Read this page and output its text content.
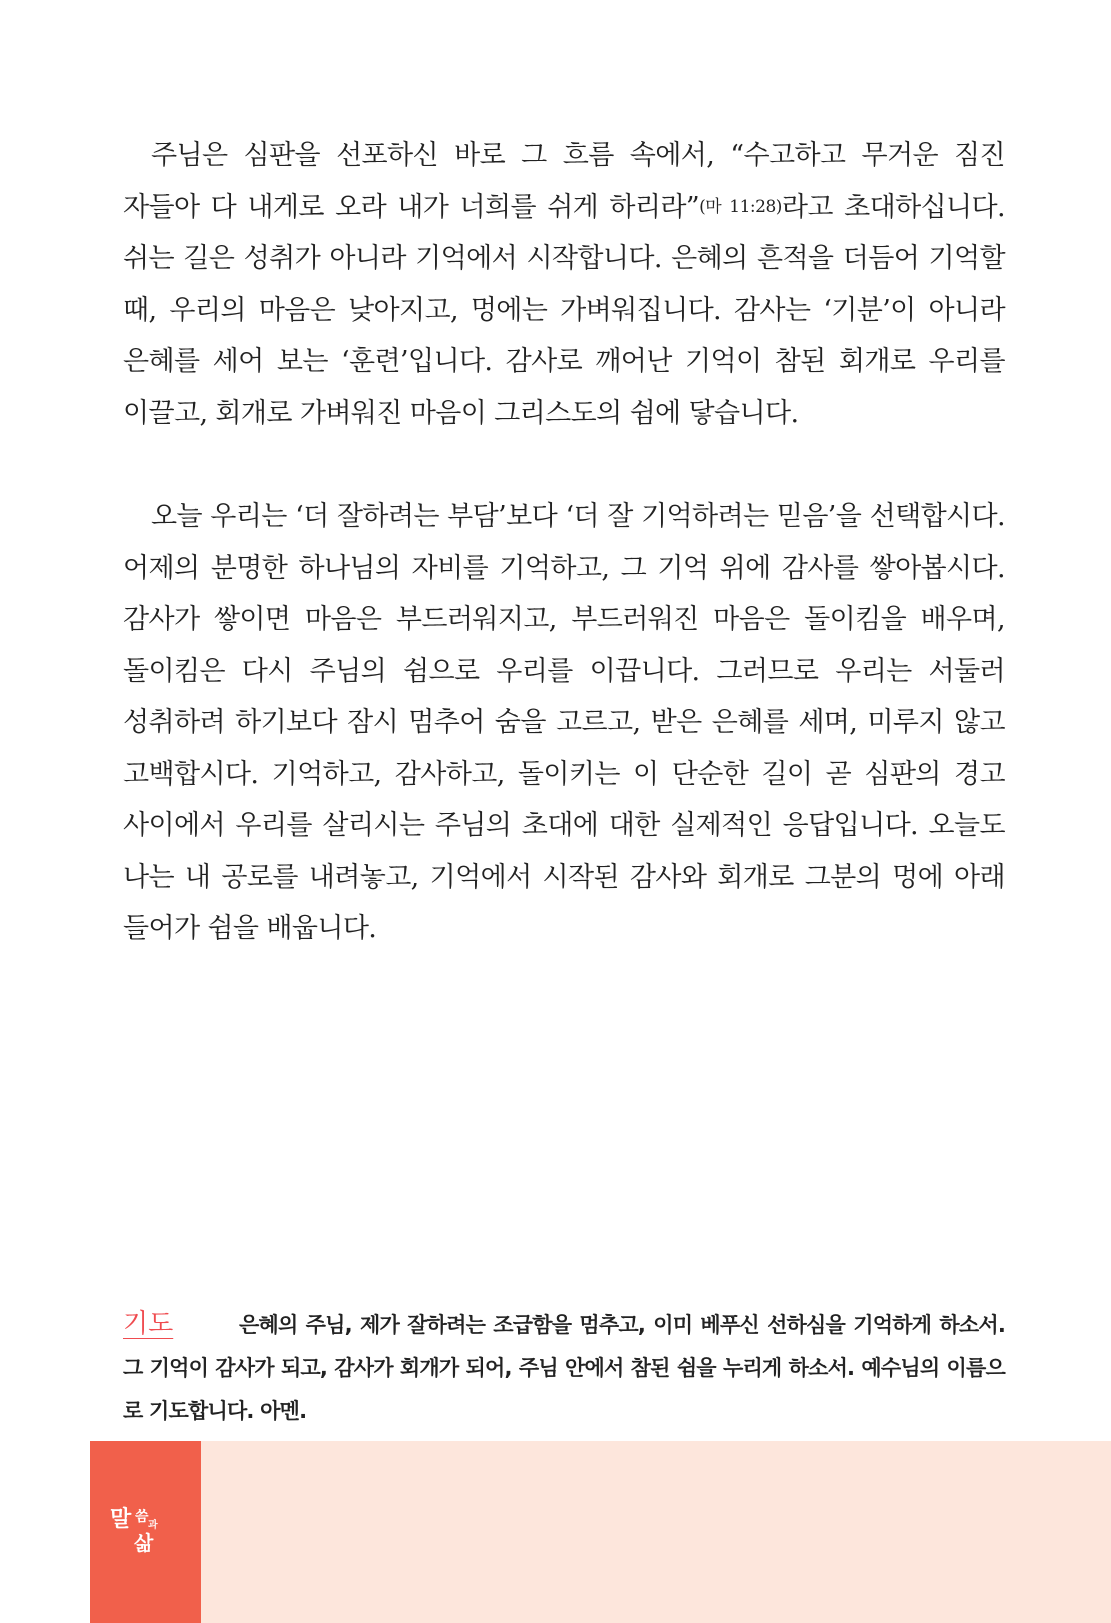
주님은 심판을 선포하신 바로 그 흐름 속에서, “수고하고 무거운 짐진 자들아 다 내게로 오라 내가 너희를 쉬게 하리라”(마 11:28)라고 초대하십니다. 쉬는 길은 성취가 아니라 기억에서 시작합니다. 은혜의 흔적을 더듬어 기억할 때, 우리의 마음은 낮아지고, 멍에는 가벼워집니다. 감사는 ‘기분’이 아니라 은혜를 세어 보는 ‘훈련’입니다. 감사로 깨어난 기억이 참된 회개로 우리를 이끌고, 회개로 가벼워진 마음이 그리스도의 쉼에 닿습니다.

오늘 우리는 ‘더 잘하려는 부담’보다 ‘더 잘 기억하려는 믿음’을 선택합시다. 어제의 분명한 하나님의 자비를 기억하고, 그 기억 위에 감사를 쌓아봅시다. 감사가 쌓이면 마음은 부드러워지고, 부드러워진 마음은 돌이킴을 배우며, 돌이킴은 다시 주님의 쉼으로 우리를 이끕니다. 그러므로 우리는 서둘러 성취하려 하기보다 잠시 멈추어 숨을 고르고, 받은 은혜를 세며, 미루지 않고 고백합시다. 기억하고, 감사하고, 돌이키는 이 단순한 길이 곧 심판의 경고 사이에서 우리를 살리시는 주님의 초대에 대한 실제적인 응답입니다. 오늘도 나는 내 공로를 내려놓고, 기억에서 시작된 감사와 회개로 그분의 멍에 아래 들어가 쉼을 배웁니다.

기도	은혜의 주님, 제가 잘하려는 조급함을 멈추고, 이미 베푸신 선하심을 기억하게 하소서. 그 기억이 감사가 되고, 감사가 회개가 되어, 주님 안에서 참된 쉼을 누리게 하소서. 예수님의 이름으로 기도합니다. 아멘.
말 씀
과
삶
